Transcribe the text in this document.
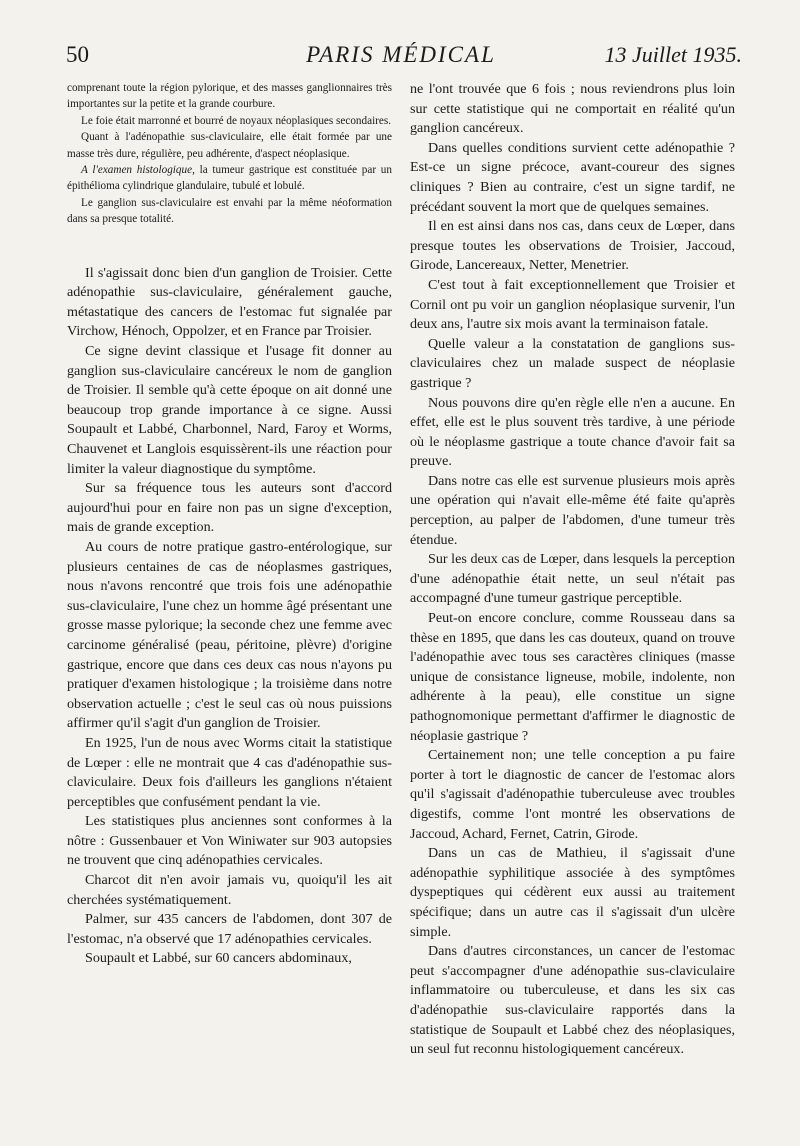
50	PARIS MÉDICAL	13 Juillet 1935.

comprenant toute la région pylorique, et des masses ganglionnaires très importantes sur la petite et la grande courbure.

Le foie était marronné et bourré de noyaux néoplasiques secondaires.

Quant à l'adénopathie sus-claviculaire, elle était formée par une masse très dure, régulière, peu adhérente, d'aspect néoplasique.

A l'examen histologique, la tumeur gastrique est constituée par un épithélioma cylindrique glandulaire, tubulé et lobulé.

Le ganglion sus-claviculaire est envahi par la même néoformation dans sa presque totalité.

Il s'agissait donc bien d'un ganglion de Troisier. Cette adénopathie sus-claviculaire, généralement gauche, métastatique des cancers de l'estomac fut signalée par Virchow, Hénoch, Oppolzer, et en France par Troisier.

Ce signe devint classique et l'usage fit donner au ganglion sus-claviculaire cancéreux le nom de ganglion de Troisier. Il semble qu'à cette époque on ait donné une beaucoup trop grande importance à ce signe. Aussi Soupault et Labbé, Charbonnel, Nard, Faroy et Worms, Chauvenet et Langlois esquissèrent-ils une réaction pour limiter la valeur diagnostique du symptôme.

Sur sa fréquence tous les auteurs sont d'accord aujourd'hui pour en faire non pas un signe d'exception, mais de grande exception.

Au cours de notre pratique gastro-entérologique, sur plusieurs centaines de cas de néoplasmes gastriques, nous n'avons rencontré que trois fois une adénopathie sus-claviculaire, l'une chez un homme âgé présentant une grosse masse pylorique; la seconde chez une femme avec carcinome généralisé (peau, péritoine, plèvre) d'origine gastrique, encore que dans ces deux cas nous n'ayons pu pratiquer d'examen histologique ; la troisième dans notre observation actuelle ; c'est le seul cas où nous puissions affirmer qu'il s'agit d'un ganglion de Troisier.

En 1925, l'un de nous avec Worms citait la statistique de Lœper : elle ne montrait que 4 cas d'adénopathie sus-claviculaire. Deux fois d'ailleurs les ganglions n'étaient perceptibles que confusément pendant la vie.

Les statistiques plus anciennes sont conformes à la nôtre : Gussenbauer et Von Winiwater sur 903 autopsies ne trouvent que cinq adénopathies cervicales.

Charcot dit n'en avoir jamais vu, quoiqu'il les ait cherchées systématiquement.

Palmer, sur 435 cancers de l'abdomen, dont 307 de l'estomac, n'a observé que 17 adénopathies cervicales.

Soupault et Labbé, sur 60 cancers abdominaux,

ne l'ont trouvée que 6 fois ; nous reviendrons plus loin sur cette statistique qui ne comportait en réalité qu'un ganglion cancéreux.

Dans quelles conditions survient cette adénopathie ? Est-ce un signe précoce, avant-coureur des signes cliniques ? Bien au contraire, c'est un signe tardif, ne précédant souvent la mort que de quelques semaines.

Il en est ainsi dans nos cas, dans ceux de Lœper, dans presque toutes les observations de Troisier, Jaccoud, Girode, Lancereaux, Netter, Menetrier.

C'est tout à fait exceptionnellement que Troisier et Cornil ont pu voir un ganglion néoplasique survenir, l'un deux ans, l'autre six mois avant la terminaison fatale.

Quelle valeur a la constatation de ganglions sus-claviculaires chez un malade suspect de néoplasie gastrique ?

Nous pouvons dire qu'en règle elle n'en a aucune. En effet, elle est le plus souvent très tardive, à une période où le néoplasme gastrique a toute chance d'avoir fait sa preuve.

Dans notre cas elle est survenue plusieurs mois après une opération qui n'avait elle-même été faite qu'après perception, au palper de l'abdomen, d'une tumeur très étendue.

Sur les deux cas de Lœper, dans lesquels la perception d'une adénopathie était nette, un seul n'était pas accompagné d'une tumeur gastrique perceptible.

Peut-on encore conclure, comme Rousseau dans sa thèse en 1895, que dans les cas douteux, quand on trouve l'adénopathie avec tous ses caractères cliniques (masse unique de consistance ligneuse, mobile, indolente, non adhérente à la peau), elle constitue un signe pathognomonique permettant d'affirmer le diagnostic de néoplasie gastrique ?

Certainement non; une telle conception a pu faire porter à tort le diagnostic de cancer de l'estomac alors qu'il s'agissait d'adénopathie tuberculeuse avec troubles digestifs, comme l'ont montré les observations de Jaccoud, Achard, Fernet, Catrin, Girode.

Dans un cas de Mathieu, il s'agissait d'une adénopathie syphilitique associée à des symptômes dyspeptiques qui cédèrent eux aussi au traitement spécifique; dans un autre cas il s'agissait d'un ulcère simple.

Dans d'autres circonstances, un cancer de l'estomac peut s'accompagner d'une adénopathie sus-claviculaire inflammatoire ou tuberculeuse, et dans les six cas d'adénopathie sus-claviculaire rapportés dans la statistique de Soupault et Labbé chez des néoplasiques, un seul fut reconnu histologiquement cancéreux.
